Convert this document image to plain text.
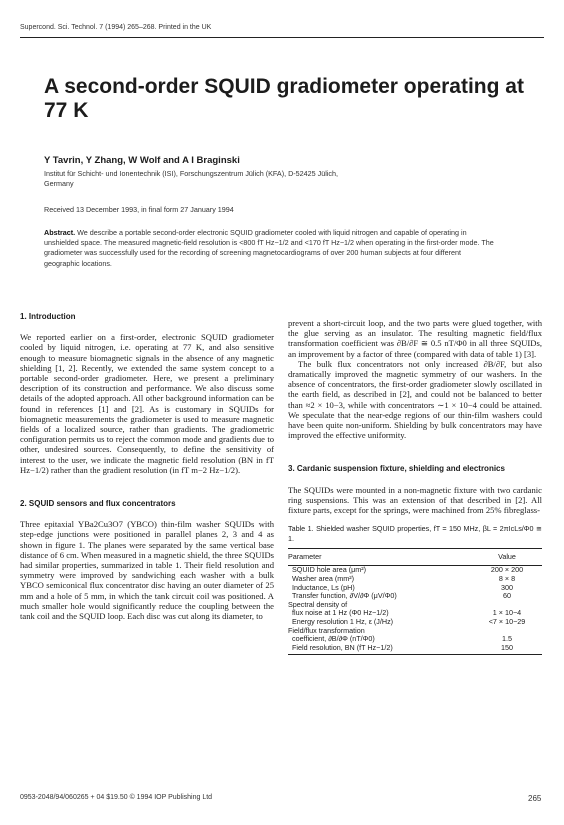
Supercond. Sci. Technol. 7 (1994) 265–268. Printed in the UK
A second-order SQUID gradiometer operating at 77 K
Y Tavrin, Y Zhang, W Wolf and A I Braginski
Institut für Schicht- und Ionentechnik (ISI), Forschungszentrum Jülich (KFA), D-52425 Jülich, Germany
Received 13 December 1993, in final form 27 January 1994
Abstract. We describe a portable second-order electronic SQUID gradiometer cooled with liquid nitrogen and capable of operating in unshielded space. The measured magnetic-field resolution is <800 fT Hz−1/2 and <170 fT Hz−1/2 when operating in the first-order mode. The gradiometer was successfully used for the recording of screening magnetocardiograms of over 200 human subjects at four different geographic locations.
1. Introduction

We reported earlier on a first-order, electronic SQUID gradiometer cooled by liquid nitrogen, i.e. operating at 77 K, and also sensitive enough to measure biomagnetic signals in the absence of any magnetic shielding [1, 2]. Recently, we extended the same system concept to a portable second-order gradiometer. Here, we present a preliminary description of its construction and performance. We also discuss some details of the adopted approach. All other background information can be found in references [1] and [2]. As is customary in SQUIDs for biomagnetic measurements the gradiometer is used to measure magnetic fields of a localized source, rather than gradients. The gradiometric configuration permits us to reject the common mode and gradients due to other, undesired sources. Consequently, to define the sensitivity of interest to the user, we indicate the magnetic field resolution (BN in fT Hz−1/2) rather than the gradient resolution (in fT m−2 Hz−1/2).

2. SQUID sensors and flux concentrators

Three epitaxial YBa2Cu3O7 (YBCO) thin-film washer SQUIDs with step-edge junctions were positioned in parallel planes 2, 3 and 4 as shown in figure 1. The planes were separated by the same vertical base distance of 6 cm. When measured in a magnetic shield, the three SQUIDs had similar properties, summarized in table 1. Their field resolution and symmetry were improved by sandwiching each washer with a bulk YBCO semiconical flux concentrator disc having an outer diameter of 25 mm and a hole of 5 mm, in which the tank circuit coil was positioned. A much smaller hole would significantly reduce the coupling between the tank coil and the SQUID loop. Each disc was cut along its diameter, to

prevent a short-circuit loop, and the two parts were glued together, with the glue serving as an insulator. The resulting magnetic field/flux transformation coefficient was ∂B/∂F ≅ 0.5 nT/Φ0 in all three SQUIDs, an improvement by a factor of three (compared with data of table 1) [3].

The bulk flux concentrators not only increased ∂B/∂F, but also dramatically improved the magnetic symmetry of our washers. In the absence of concentrators, the first-order gradiometer slowly oscillated in the earth field, as described in [2], and could not be balanced to better than ≈2 × 10−3, while with concentrators ∼1 × 10−4 could be attained. We speculate that the near-edge regions of our thin-film washers could have been quite non-uniform. Shielding by bulk concentrators may have improved the effective uniformity.

3. Cardanic suspension fixture, shielding and electronics

The SQUIDs were mounted in a non-magnetic fixture with two cardanic ring suspensions. This was an extension of that described in [2]. All fixture parts, except for the springs, were machined from 25% fibreglass-

Table 1. Shielded washer SQUID properties, fT = 150 MHz, βL = 2πIcLs/Φ0 ≅ 1.
Parameter	Value
SQUID hole area (μm²)	200 × 200
Washer area (mm²)	8 × 8
Inductance, Ls (pH)	300
Transfer function, ∂V/∂Φ (μV/Φ0)	60
Spectral density of	
flux noise at 1 Hz (Φ0 Hz−1/2)	1 × 10−4
Energy resolution 1 Hz, ε (J/Hz)	<7 × 10−29
Field/flux transformation	
coefficient, ∂B/∂Φ (nT/Φ0)	1.5
Field resolution, BN (fT Hz−1/2)	150
0953-2048/94/060265 + 04 $19.50 © 1994 IOP Publishing Ltd	265
